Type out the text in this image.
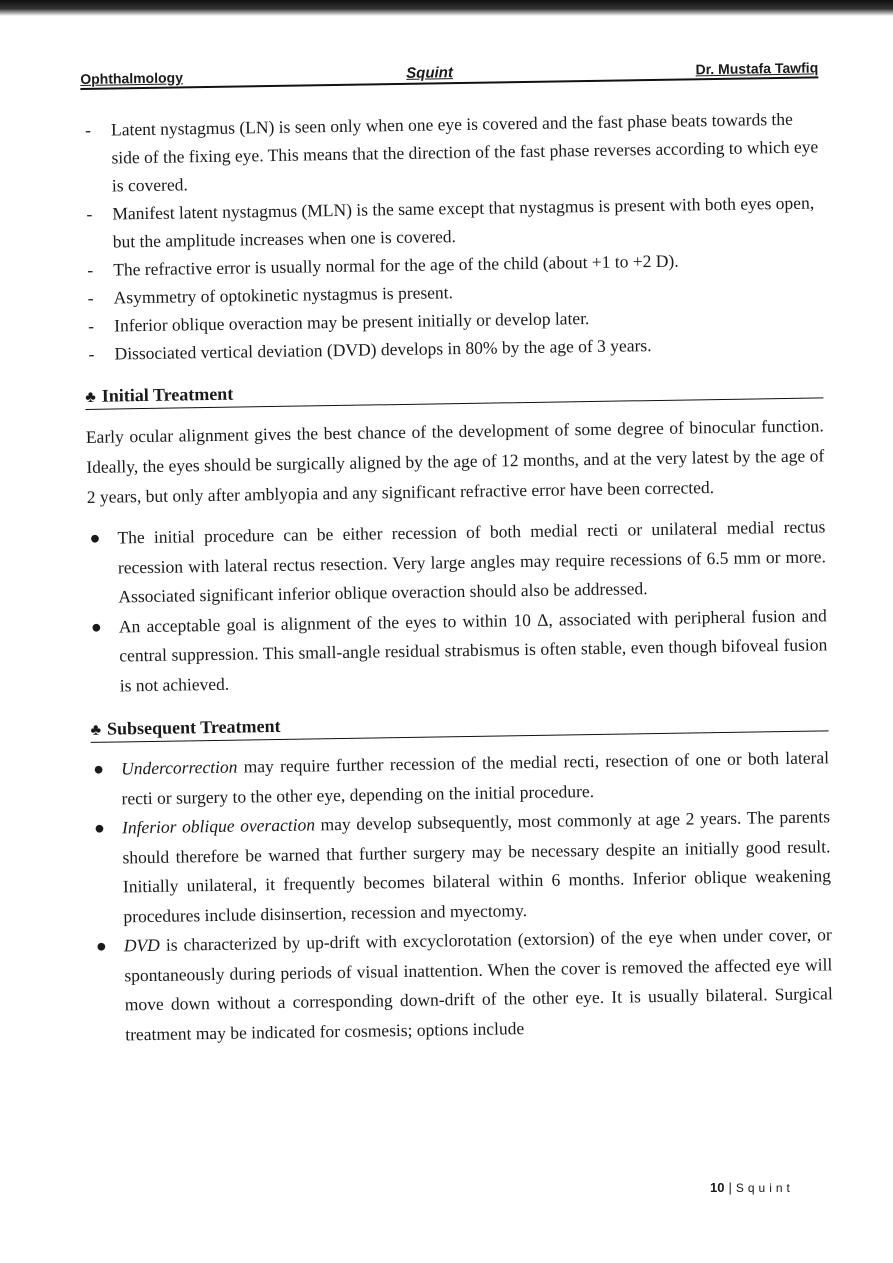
Ophthalmology	Squint	Dr. Mustafa Tawfiq
- Latent nystagmus (LN) is seen only when one eye is covered and the fast phase beats towards the side of the fixing eye. This means that the direction of the fast phase reverses according to which eye is covered.
- Manifest latent nystagmus (MLN) is the same except that nystagmus is present with both eyes open, but the amplitude increases when one is covered.
- The refractive error is usually normal for the age of the child (about +1 to +2 D).
- Asymmetry of optokinetic nystagmus is present.
- Inferior oblique overaction may be present initially or develop later.
- Dissociated vertical deviation (DVD) develops in 80% by the age of 3 years.
♣ Initial Treatment
Early ocular alignment gives the best chance of the development of some degree of binocular function. Ideally, the eyes should be surgically aligned by the age of 12 months, and at the very latest by the age of 2 years, but only after amblyopia and any significant refractive error have been corrected.
● The initial procedure can be either recession of both medial recti or unilateral medial rectus recession with lateral rectus resection. Very large angles may require recessions of 6.5 mm or more. Associated significant inferior oblique overaction should also be addressed.
● An acceptable goal is alignment of the eyes to within 10 Δ, associated with peripheral fusion and central suppression. This small-angle residual strabismus is often stable, even though bifoveal fusion is not achieved.
♣ Subsequent Treatment
● Undercorrection may require further recession of the medial recti, resection of one or both lateral recti or surgery to the other eye, depending on the initial procedure.
● Inferior oblique overaction may develop subsequently, most commonly at age 2 years. The parents should therefore be warned that further surgery may be necessary despite an initially good result. Initially unilateral, it frequently becomes bilateral within 6 months. Inferior oblique weakening procedures include disinsertion, recession and myectomy.
● DVD is characterized by up-drift with excyclorotation (extorsion) of the eye when under cover, or spontaneously during periods of visual inattention. When the cover is removed the affected eye will move down without a corresponding down-drift of the other eye. It is usually bilateral. Surgical treatment may be indicated for cosmesis; options include
10 | Squint
